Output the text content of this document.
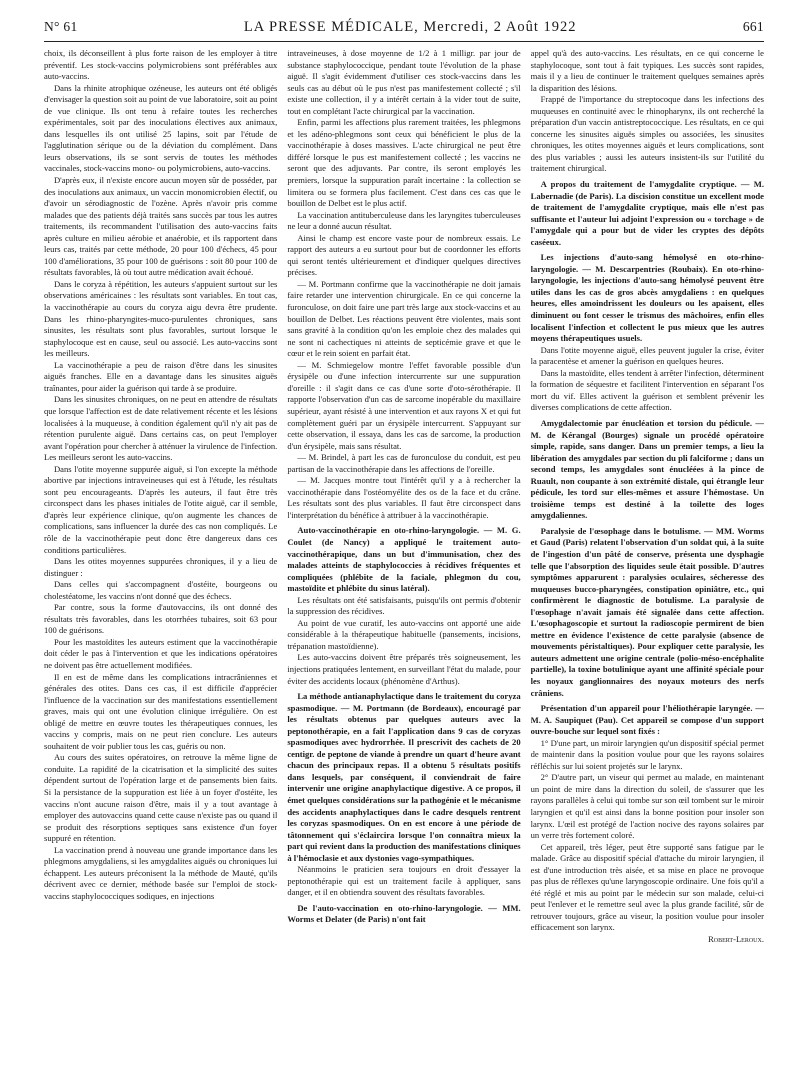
N° 61	LA PRESSE MÉDICALE, Mercredi, 2 Août 1922	661

choix, ils déconseillent à plus forte raison de les employer à titre préventif. Les stock-vaccins polymicrobiens sont préférables aux auto-vaccins.

Dans la rhinite atrophique ozéneuse, les auteurs ont été obligés d'envisager la question soit au point de vue laboratoire, soit au point de vue clinique. Ils ont tenu à refaire toutes les recherches expérimentales, soit par des inoculations électives aux animaux, dans lesquelles ils ont utilisé 25 lapins, soit par l'étude de l'agglutination sérique ou de la déviation du complément. Dans leurs observations, ils se sont servis de toutes les méthodes vaccinales, stock-vaccins mono- ou polymicrobiens, auto-vaccins.

D'après eux, il n'existe encore aucun moyen sûr de posséder, par des inoculations aux animaux, un vaccin monomicrobien électif, ou d'avoir un sérodiagnostic de l'ozène. Après n'avoir pris comme malades que des patients déjà traités sans succès par tous les autres traitements, ils recommandent l'utilisation des auto-vaccins faits après culture en milieu aérobie et anaérobie, et ils rapportent dans leurs cas, traités par cette méthode, 20 pour 100 d'échecs, 45 pour 100 d'améliorations, 35 pour 100 de guérisons : soit 80 pour 100 de résultats favorables, là où tout autre médication avait échoué.

Dans le coryza à répétition, les auteurs s'appuient surtout sur les observations américaines : les résultats sont variables. En tout cas, la vaccinothérapie au cours du coryza aigu devra être prudente. Dans les rhino-pharyngites-muco-purulentes chroniques, sans sinusites, les résultats sont plus favorables, surtout lorsque le staphylocoque est en cause, seul ou associé. Les auto-vaccins sont les meilleurs.

La vaccinothérapie a peu de raison d'être dans les sinusites aiguës franches. Elle en a davantage dans les sinusites aiguës traînantes, pour aider la guérison qui tarde à se produire.

Dans les sinusites chroniques, on ne peut en attendre de résultats que lorsque l'affection est de date relativement récente et les lésions localisées à la muqueuse, à condition également qu'il n'y ait pas de rétention purulente aiguë. Dans certains cas, on peut l'employer avant l'opération pour chercher à atténuer la virulence de l'infection. Les meilleurs seront les auto-vaccins.

Dans l'otite moyenne suppurée aiguë, si l'on excepte la méthode abortive par injections intraveineuses qui est à l'étude, les résultats sont peu encourageants. D'après les auteurs, il faut être très circonspect dans les phases initiales de l'otite aiguë, car il semble, d'après leur expérience clinique, qu'on augmente les chances de complications, sans influencer la durée des cas non compliqués. Le rôle de la vaccinothérapie peut donc être dangereux dans ces conditions particulières.

Dans les otites moyennes suppurées chroniques, il y a lieu de distinguer :

Dans celles qui s'accompagnent d'ostéite, bourgeons ou cholestéatome, les vaccins n'ont donné que des échecs.

Par contre, sous la forme d'autovaccins, ils ont donné des résultats très favorables, dans les otorrhées tubaires, soit 63 pour 100 de guérisons.

Pour les mastoïdites les auteurs estiment que la vaccinothérapie doit céder le pas à l'intervention et que les indications opératoires ne doivent pas être actuellement modifiées.

Il en est de même dans les complications intracrâniennes et générales des otites. Dans ces cas, il est difficile d'apprécier l'influence de la vaccination sur des manifestations essentiellement graves, mais qui ont une évolution clinique irrégulière. On est obligé de mettre en œuvre toutes les thérapeutiques connues, les vaccins y compris, mais on ne peut rien conclure. Les auteurs souhaitent de voir publier tous les cas, guéris ou non.

Au cours des suites opératoires, on retrouve la même ligne de conduite. La rapidité de la cicatrisation et la simplicité des suites dépendent surtout de l'opération large et de pansements bien faits. Si la persistance de la suppuration est liée à un foyer d'ostéite, les vaccins n'ont aucune raison d'être, mais il y a tout avantage à employer des autovaccins quand cette cause n'existe pas ou quand il se produit des résorptions septiques sans existence d'un foyer suppuré en rétention.

La vaccination prend à nouveau une grande importance dans les phlegmons amygdaliens, si les amygdalites aiguës ou chroniques lui échappent. Les auteurs préconisent la la méthode de Mauté, qu'ils décrivent avec ce dernier, méthode basée sur l'emploi de stock-vaccins staphylococciques sodiques, en injections

intraveineuses, à dose moyenne de 1/2 à 1 milligr. par jour de substance staphylococcique, pendant toute l'évolution de la phase aiguë. Il s'agit évidemment d'utiliser ces stock-vaccins dans les seuls cas au début où le pus n'est pas manifestement collecté ; s'il existe une collection, il y a intérêt certain à la vider tout de suite, tout en complétant l'acte chirurgical par la vaccination.

Enfin, parmi les affections plus rarement traitées, les phlegmons et les adéno-phlegmons sont ceux qui bénéficient le plus de la vaccinothérapie à doses massives. L'acte chirurgical ne peut être différé lorsque le pus est manifestement collecté ; les vaccins ne seront que des adjuvants. Par contre, ils seront employés les premiers, lorsque la suppuration paraît incertaine : la collection se limitera ou se formera plus facilement. C'est dans ces cas que le bouillon de Delbet est le plus actif.

La vaccination antituberculeuse dans les laryngites tuberculeuses ne leur a donné aucun résultat.

Ainsi le champ est encore vaste pour de nombreux essais. Le rapport des auteurs a eu surtout pour but de coordonner les efforts qui seront tentés ultérieurement et d'indiquer quelques directives précises.

— M. Portmann confirme que la vaccinothérapie ne doit jamais faire retarder une intervention chirurgicale. En ce qui concerne la furonculose, on doit faire une part très large aux stock-vaccins et au bouillon de Delbet. Les réactions peuvent être violentes, mais sont sans gravité à la condition qu'on les emploie chez des malades qui ne sont ni cachectiques ni atteints de septicémie grave et que le cœur et le rein soient en parfait état.

— M. Schmiegelow montre l'effet favorable possible d'un érysipèle ou d'une infection intercurrente sur une suppuration d'oreille : il s'agit dans ce cas d'une sorte d'oto-sérothérapie. Il rapporte l'observation d'un cas de sarcome inopérable du maxillaire supérieur, ayant résisté à une intervention et aux rayons X et qui fut complètement guéri par un érysipèle intercurrent. S'appuyant sur cette observation, il essaya, dans les cas de sarcome, la production d'un érysipèle, mais sans résultat.

— M. Brindel, à part les cas de furonculose du conduit, est peu partisan de la vaccinothérapie dans les affections de l'oreille.

— M. Jacques montre tout l'intérêt qu'il y a à rechercher la vaccinothérapie dans l'ostéomyélite des os de la face et du crâne. Les résultats sont des plus variables. Il faut être circonspect dans l'interprétation du bénéfice à attribuer à la vaccinothérapie.

Auto-vaccinothérapie en oto-rhino-laryngologie. — M. G. Coulet (de Nancy) a appliqué le traitement auto-vaccinothérapique, dans un but d'immunisation, chez des malades atteints de staphylococcies à récidives fréquentes et compliquées (phlébite de la faciale, phlegmon du cou, mastoïdite et phlébite du sinus latéral).

Les résultats ont été satisfaisants, puisqu'ils ont permis d'obtenir la suppression des récidives.

Au point de vue curatif, les auto-vaccins ont apporté une aide considérable à la thérapeutique habituelle (pansements, incisions, trépanation mastoïdienne).

Les auto-vaccins doivent être préparés très soigneusement, les injections pratiquées lentement, en surveillant l'état du malade, pour éviter des accidents locaux (phénomène d'Arthus).

La méthode antianaphylactique dans le traitement du coryza spasmodique. — M. Portmann (de Bordeaux), encouragé par les résultats obtenus par quelques auteurs avec la peptonothérapie, en a fait l'application dans 9 cas de coryzas spasmodiques avec hydrorrhée. Il prescrivit des cachets de 20 centigr. de peptone de viande à prendre un quart d'heure avant chacun des principaux repas. Il a obtenu 5 résultats positifs dans lesquels, par conséquent, il conviendrait de faire intervenir une origine anaphylactique digestive. A ce propos, il émet quelques considérations sur la pathogénie et le mécanisme des accidents anaphylactiques dans le cadre desquels rentrent les coryzas spasmodiques. On en est encore à une période de tâtonnement qui s'éclaircira lorsque l'on connaîtra mieux la part qui revient dans la production des manifestations cliniques à l'hémoclasie et aux dystonies vago-sympathiques.

Néanmoins le praticien sera toujours en droit d'essayer la peptonothérapie qui est un traitement facile à appliquer, sans danger, et il en obtiendra souvent des résultats favorables.

De l'auto-vaccination en oto-rhino-laryngologie. — MM. Worms et Delater (de Paris) n'ont fait

appel qu'à des auto-vaccins. Les résultats, en ce qui concerne le staphylocoque, sont tout à fait typiques. Les succès sont rapides, mais il y a lieu de continuer le traitement quelques semaines après la disparition des lésions.

Frappé de l'importance du streptocoque dans les infections des muqueuses en continuité avec le rhinopharynx, ils ont recherché la préparation d'un vaccin antistreptococcique. Les résultats, en ce qui concerne les sinusites aiguës simples ou associées, les sinusites chroniques, les otites moyennes aiguës et leurs complications, sont des plus variables ; aussi les auteurs insistent-ils sur l'utilité du traitement chirurgical.

A propos du traitement de l'amygdalite cryptique. — M. Labernadie (de Paris). La discision constitue un excellent mode de traitement de l'amygdalite cryptique, mais elle n'est pas suffisante et l'auteur lui adjoint l'expression ou « torchage » de l'amygdale qui a pour but de vider les cryptes des dépôts caséeux.
Les injections d'auto-sang hémolysé en oto-rhino-laryngologie. — M. Descarpentries (Roubaix). En oto-rhino-laryngologie, les injections d'auto-sang hémolysé peuvent être utiles dans les cas de gros abcès amygdaliens : en quelques heures, elles amoindrissent les douleurs ou les apaisent, elles diminuent ou font cesser le trismus des mâchoires, enfin elles localisent l'infection et collectent le pus mieux que les autres moyens thérapeutiques usuels.

Dans l'otite moyenne aiguë, elles peuvent juguler la crise, éviter la paracentèse et amener la guérison en quelques heures.

Dans la mastoïdite, elles tendent à arrêter l'infection, déterminent la formation de séquestre et facilitent l'intervention en séparant l'os mort du vif. Elles activent la guérison et semblent prévenir les diverses complications de cette affection.

Amygdalectomie par énucléation et torsion du pédicule. — M. de Kérangal (Bourges) signale un procédé opératoire simple, rapide, sans danger. Dans un premier temps, a lieu la libération des amygdales par section du pli falciforme ; dans un second temps, les amygdales sont énucléées à la pince de Ruault, non coupante à son extrémité distale, qui étrangle leur pédicule, les tord sur elles-mêmes et assure l'hémostase. Un troisième temps est destiné à la toilette des loges amygdaliennes.
Paralysie de l'œsophage dans le botulisme. — MM. Worms et Gaud (Paris) relatent l'observation d'un soldat qui, à la suite de l'ingestion d'un pâté de conserve, présenta une dysphagie telle que l'absorption des liquides seule était possible. D'autres symptômes apparurent : paralysies oculaires, sécheresse des muqueuses bucco-pharyngées, constipation opiniâtre, etc., qui confirmèrent le diagnostic de botulisme. La paralysie de l'œsophage n'avait jamais été signalée dans cette affection. L'œsophagoscopie et surtout la radioscopie permirent de bien mettre en évidence l'existence de cette paralysie (absence de mouvements péristaltiques). Pour expliquer cette paralysie, les auteurs admettent une origine centrale (polio-méso-encéphalite partielle), la toxine botulinique ayant une affinité spéciale pour les noyaux ganglionnaires des noyaux moteurs des nerfs crâniens.
Présentation d'un appareil pour l'héliothérapie laryngée. — M. A. Saupiquet (Pau). Cet appareil se compose d'un support ouvre-bouche sur lequel sont fixés :

1° D'une part, un miroir laryngien qu'un dispositif spécial permet de maintenir dans la position voulue pour que les rayons solaires réfléchis sur lui soient projetés sur le larynx.

2° D'autre part, un viseur qui permet au malade, en maintenant un point de mire dans la direction du soleil, de s'assurer que les rayons parallèles à celui qui tombe sur son œil tombent sur le miroir laryngien et qu'il est ainsi dans la bonne position pour insoler son larynx. L'œil est protégé de l'action nocive des rayons solaires par un verre très fortement coloré.

Cet appareil, très léger, peut être supporté sans fatigue par le malade. Grâce au dispositif spécial d'attache du miroir laryngien, il est d'une introduction très aisée, et sa mise en place ne provoque pas plus de réflexes qu'une laryngoscopie ordinaire. Une fois qu'il a été réglé et mis au point par le médecin sur son malade, celui-ci peut l'enlever et le remettre seul avec la plus grande facilité, sûr de retrouver toujours, grâce au viseur, la position voulue pour insoler efficacement son larynx.

Robert-Leroux.
